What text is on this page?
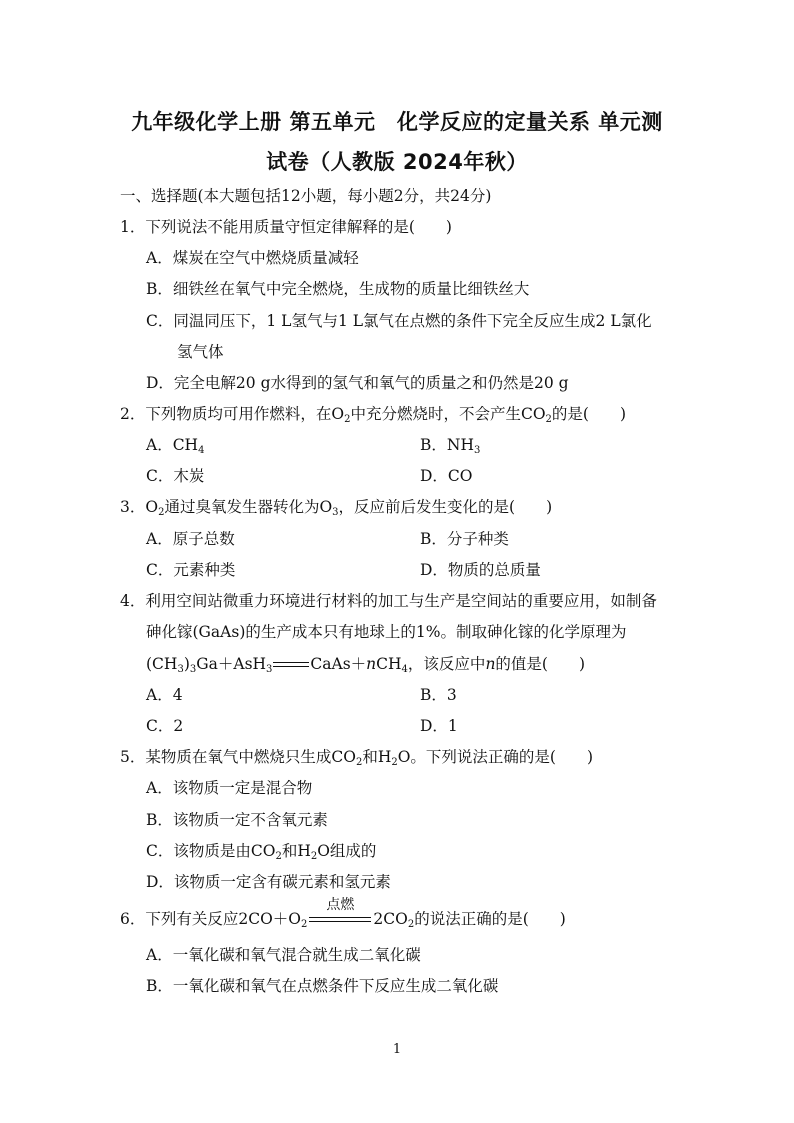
九年级化学上册 第五单元　化学反应的定量关系 单元测
试卷（人教版 2024年秋）
一、选择题(本大题包括12小题，每小题2分，共24分)
1．下列说法不能用质量守恒定律解释的是(　　)
A．煤炭在空气中燃烧质量减轻
B．细铁丝在氧气中完全燃烧，生成物的质量比细铁丝大
C．同温同压下，1 L氢气与1 L氯气在点燃的条件下完全反应生成2 L氯化
氢气体
D．完全电解20 g水得到的氢气和氧气的质量之和仍然是20 g
2．下列物质均可用作燃料，在$O_2$中充分燃烧时，不会产生$CO_2$的是(　　)
A．$CH_4$	B．$NH_3$
C．木炭	D．CO
3．$O_2$通过臭氧发生器转化为$O_3$，反应前后发生变化的是(　　)
A．原子总数	B．分子种类
C．元素种类	D．物质的总质量
4．利用空间站微重力环境进行材料的加工与生产是空间站的重要应用，如制备
砷化镓(GaAs)的生产成本只有地球上的1%。制取砷化镓的化学原理为
$(CH_3)_3Ga+AsH_3$ CaAs＋nCH$_4$，该反应中n的值是(　　)
A．4	B．3
C．2	D．1
5．某物质在氧气中燃烧只生成$CO_2$和$H_2O$。下列说法正确的是(　　)
A．该物质一定是混合物
B．该物质一定不含氧元素
C．该物质是由$CO_2$和$H_2O$组成的
D．该物质一定含有碳元素和氢元素
6．下列有关反应$2CO+O_2$
点燃
$2CO_2$的说法正确的是(　　)
A．一氧化碳和氧气混合就生成二氧化碳
B．一氧化碳和氧气在点燃条件下反应生成二氧化碳
1
